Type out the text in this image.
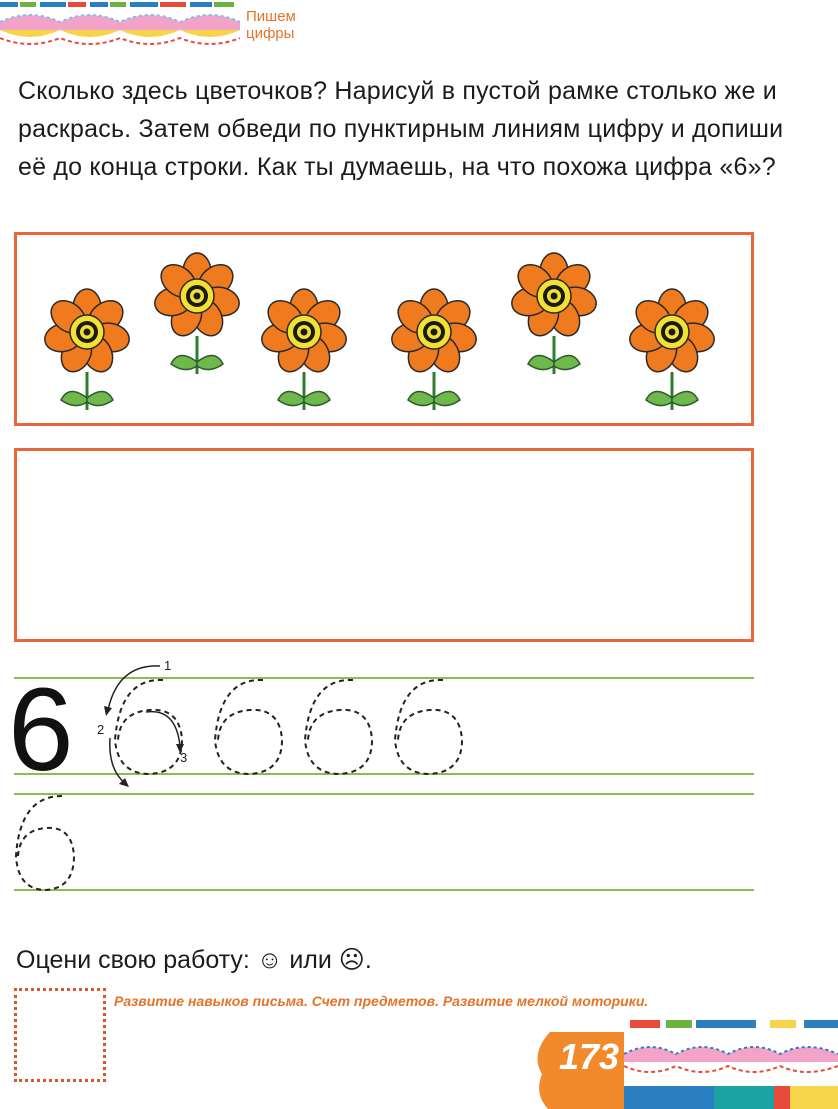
Пишем
цифры
Сколько здесь цветочков? Нарисуй в пустой рамке столько же и раскрась. Затем обведи по пунктирным линиям цифру и допиши её до конца строки. Как ты думаешь, на что похожа цифра «6»?
6	1
2
3
Оцени свою работу: ☺ или ☹.
Развитие навыков письма. Счет предметов. Развитие мелкой моторики.
173
